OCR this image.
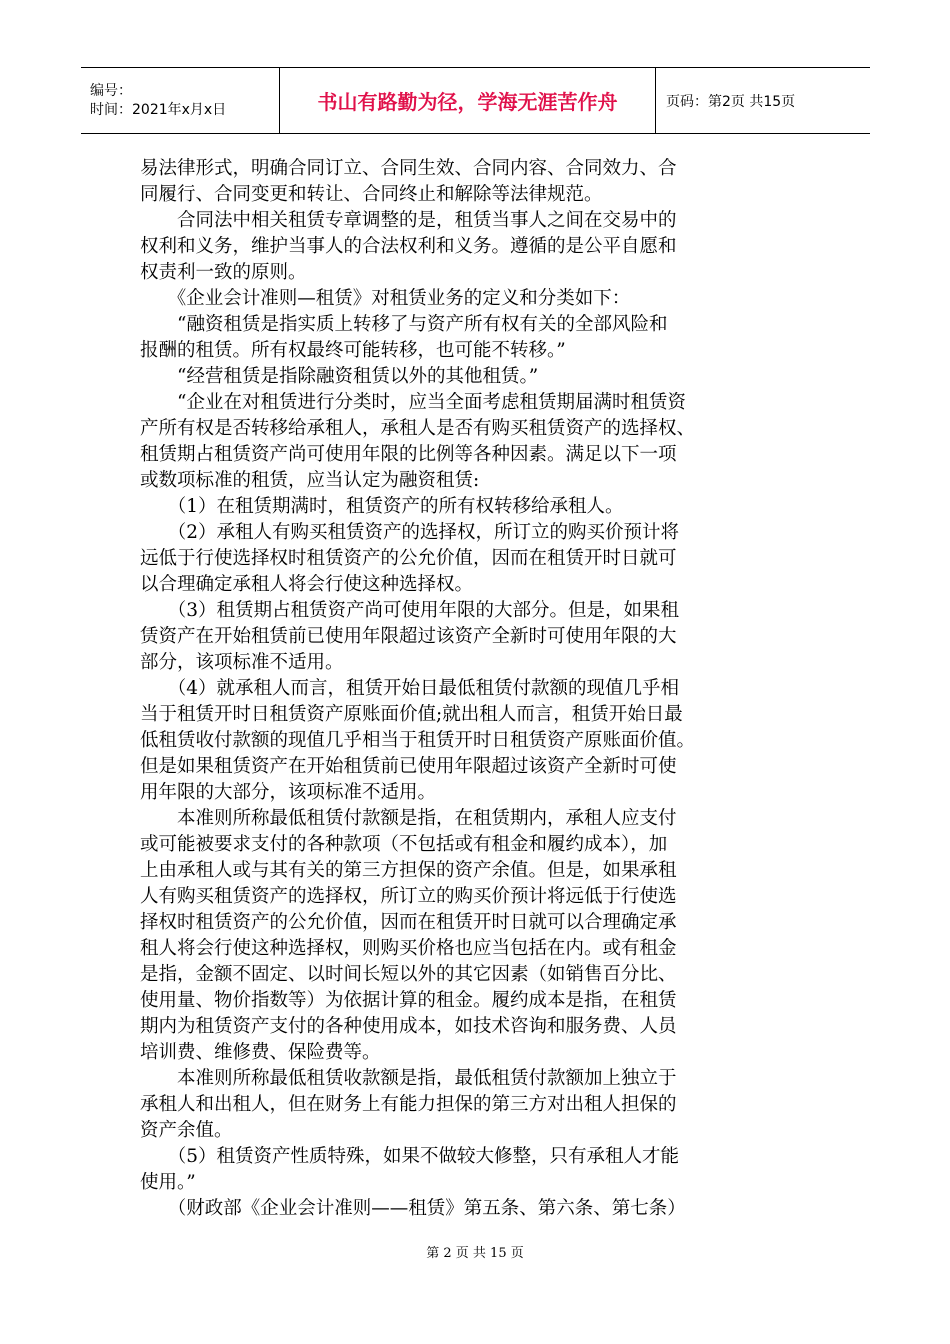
编号：
时间：2021年x月x日	书山有路勤为径，学海无涯苦作舟	页码：第2页 共15页
易法律形式，明确合同订立、合同生效、合同内容、合同效力、合
同履行、合同变更和转让、合同终止和解除等法律规范。
　　合同法中相关租赁专章调整的是，租赁当事人之间在交易中的
权利和义务，维护当事人的合法权利和义务。遵循的是公平自愿和
权责利一致的原则。
　　《企业会计准则—租赁》对租赁业务的定义和分类如下：
　　“融资租赁是指实质上转移了与资产所有权有关的全部风险和
报酬的租赁。所有权最终可能转移，也可能不转移。”
　　“经营租赁是指除融资租赁以外的其他租赁。”
　　“企业在对租赁进行分类时，应当全面考虑租赁期届满时租赁资
产所有权是否转移给承租人，承租人是否有购买租赁资产的选择权、
租赁期占租赁资产尚可使用年限的比例等各种因素。满足以下一项
或数项标准的租赁，应当认定为融资租赁:
　　（1）在租赁期满时，租赁资产的所有权转移给承租人。
　　（2）承租人有购买租赁资产的选择权，所订立的购买价预计将
远低于行使选择权时租赁资产的公允价值，因而在租赁开时日就可
以合理确定承租人将会行使这种选择权。
　　（3）租赁期占租赁资产尚可使用年限的大部分。但是，如果租
赁资产在开始租赁前已使用年限超过该资产全新时可使用年限的大
部分，该项标准不适用。
　　（4）就承租人而言，租赁开始日最低租赁付款额的现值几乎相
当于租赁开时日租赁资产原账面价值;就出租人而言，租赁开始日最
低租赁收付款额的现值几乎相当于租赁开时日租赁资产原账面价值。
但是如果租赁资产在开始租赁前已使用年限超过该资产全新时可使
用年限的大部分，该项标准不适用。
　　本准则所称最低租赁付款额是指，在租赁期内，承租人应支付
或可能被要求支付的各种款项（不包括或有租金和履约成本），加
上由承租人或与其有关的第三方担保的资产余值。但是，如果承租
人有购买租赁资产的选择权，所订立的购买价预计将远低于行使选
择权时租赁资产的公允价值，因而在租赁开时日就可以合理确定承
租人将会行使这种选择权，则购买价格也应当包括在内。或有租金
是指，金额不固定、以时间长短以外的其它因素（如销售百分比、
使用量、物价指数等）为依据计算的租金。履约成本是指，在租赁
期内为租赁资产支付的各种使用成本，如技术咨询和服务费、人员
培训费、维修费、保险费等。
　　本准则所称最低租赁收款额是指，最低租赁付款额加上独立于
承租人和出租人，但在财务上有能力担保的第三方对出租人担保的
资产余值。
　　（5）租赁资产性质特殊，如果不做较大修整，只有承租人才能
使用。”
　　（财政部《企业会计准则——租赁》第五条、第六条、第七条）
第 2 页 共 15 页
